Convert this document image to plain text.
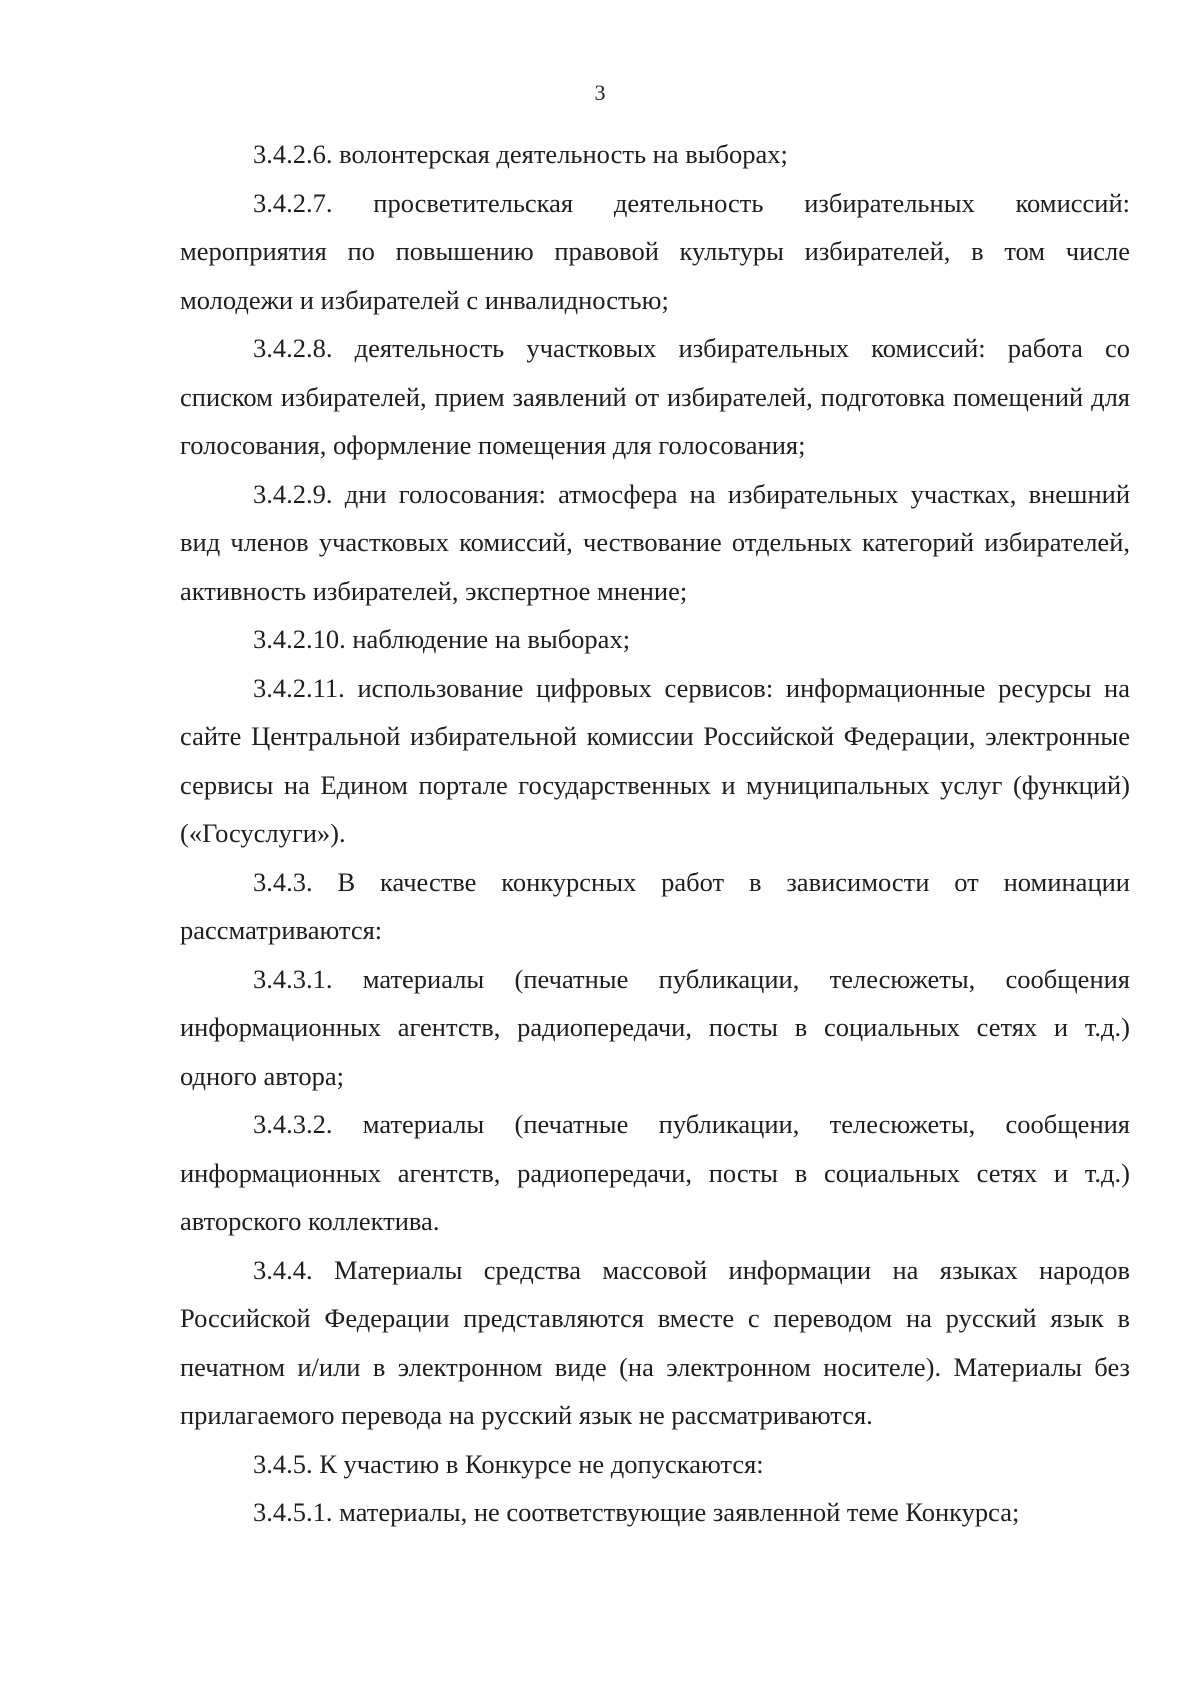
3

3.4.2.6. волонтерская деятельность на выборах;

3.4.2.7. просветительская деятельность избирательных комиссий: мероприятия по повышению правовой культуры избирателей, в том числе молодежи и избирателей с инвалидностью;

3.4.2.8. деятельность участковых избирательных комиссий: работа со списком избирателей, прием заявлений от избирателей, подготовка помещений для голосования, оформление помещения для голосования;

3.4.2.9. дни голосования: атмосфера на избирательных участках, внешний вид членов участковых комиссий, чествование отдельных категорий избирателей, активность избирателей, экспертное мнение;

3.4.2.10. наблюдение на выборах;

3.4.2.11. использование цифровых сервисов: информационные ресурсы на сайте Центральной избирательной комиссии Российской Федерации, электронные сервисы на Едином портале государственных и муниципальных услуг (функций) («Госуслуги»).

3.4.3. В качестве конкурсных работ в зависимости от номинации рассматриваются:

3.4.3.1. материалы (печатные публикации, телесюжеты, сообщения информационных агентств, радиопередачи, посты в социальных сетях и т.д.) одного автора;

3.4.3.2. материалы (печатные публикации, телесюжеты, сообщения информационных агентств, радиопередачи, посты в социальных сетях и т.д.) авторского коллектива.

3.4.4. Материалы средства массовой информации на языках народов Российской Федерации представляются вместе с переводом на русский язык в печатном и/или в электронном виде (на электронном носителе). Материалы без прилагаемого перевода на русский язык не рассматриваются.

3.4.5. К участию в Конкурсе не допускаются:

3.4.5.1. материалы, не соответствующие заявленной теме Конкурса;
